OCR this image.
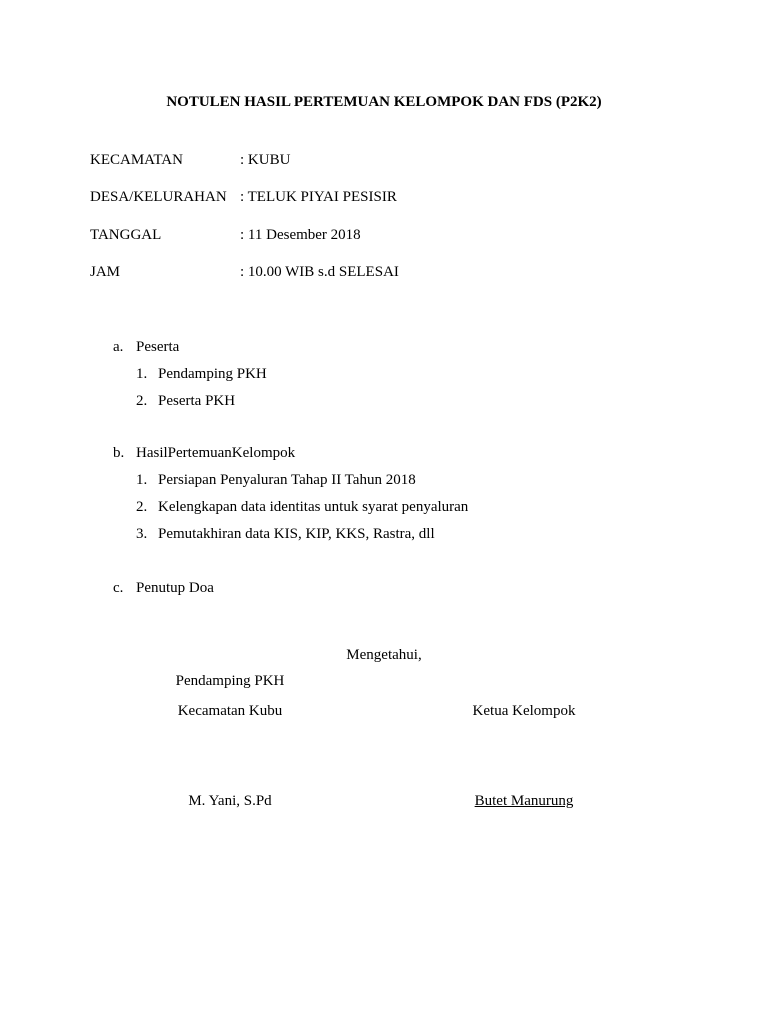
NOTULEN HASIL PERTEMUAN KELOMPOK DAN FDS (P2K2)
KECAMATAN	: KUBU
DESA/KELURAHAN : TELUK PIYAI PESISIR
TANGGAL	: 11 Desember 2018
JAM	: 10.00 WIB s.d SELESAI
a. Peserta
1. Pendamping PKH
2. Peserta PKH
b. HasilPertemuanKelompok
1. Persiapan Penyaluran Tahap II Tahun 2018
2. Kelengkapan data identitas untuk syarat penyaluran
3. Pemutakhiran data KIS, KIP, KKS, Rastra, dll
c. Penutup Doa
Mengetahui,
Pendamping PKH
Kecamatan Kubu	Ketua Kelompok
M. Yani, S.Pd	Butet Manurung
